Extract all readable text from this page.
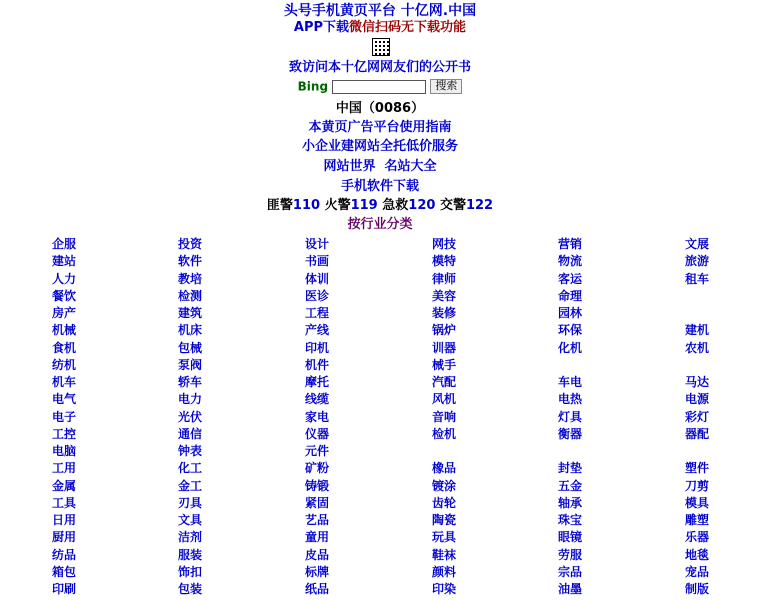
头号手机黄页平台 十亿网.中国
APP下载微信扫码无下载功能
致访问本十亿网网友们的公开书
Bing	搜索
中国（0086）
本黄页广告平台使用指南
小企业建网站全托低价服务
网站世界 名站大全
手机软件下载
匪警110 火警119 急救120 交警122
按行业分类
企服	投资	设计	网技	营销	文展
建站	软件	书画	模特	物流	旅游
人力	教培	体训	律师	客运	租车
餐饮	检测	医诊	美容	命理
房产	建筑	工程	装修	园林
机械	机床	产线	锅炉	环保	建机
食机	包械	印机	训器	化机	农机
纺机	泵阀	机件	械手
机车	轿车	摩托	汽配	车电	马达
电气	电力	线缆	风机	电热	电源
电子	光伏	家电	音响	灯具	彩灯
工控	通信	仪器	检机	衡器	器配
电脑	钟表	元件
工用	化工	矿粉	橡品	封垫	塑件
金属	金工	铸锻	镀涂	五金	刀剪
工具	刃具	紧固	齿轮	轴承	模具
日用	文具	艺品	陶瓷	珠宝	雕塑
厨用	洁剂	童用	玩具	眼镜	乐器
纺品	服装	皮品	鞋袜	劳服	地毯
箱包	饰扣	标牌	颜料	宗品	宠品
印刷	包装	纸品	印染	油墨	制版
